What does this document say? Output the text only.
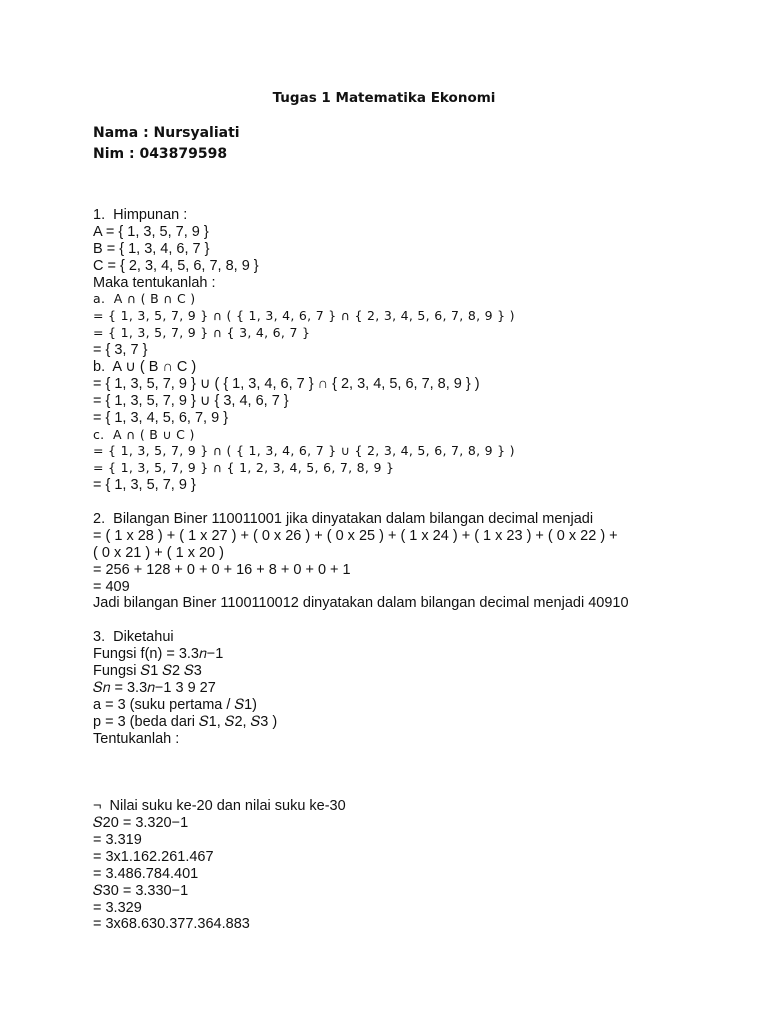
Tugas 1 Matematika Ekonomi
Nama : Nursyaliati
Nim : 043879598
1.  Himpunan :
A = { 1, 3, 5, 7, 9 }
B = { 1, 3, 4, 6, 7 }
C = { 2, 3, 4, 5, 6, 7, 8, 9 }
Maka tentukanlah :
a.  A ∩ ( B ∩ C )
= { 1, 3, 5, 7, 9 } ∩ ( { 1, 3, 4, 6, 7 } ∩ { 2, 3, 4, 5, 6, 7, 8, 9 } )
= { 1, 3, 5, 7, 9 } ∩ { 3, 4, 6, 7 }
= { 3, 7 }
b.  A ∪ ( B ∩ C )
= { 1, 3, 5, 7, 9 } ∪ ( { 1, 3, 4, 6, 7 } ∩ { 2, 3, 4, 5, 6, 7, 8, 9 } )
= { 1, 3, 5, 7, 9 } ∪ { 3, 4, 6, 7 }
= { 1, 3, 4, 5, 6, 7, 9 }
c.  A ∩ ( B ∪ C )
= { 1, 3, 5, 7, 9 } ∩ ( { 1, 3, 4, 6, 7 } ∪ { 2, 3, 4, 5, 6, 7, 8, 9 } )
= { 1, 3, 5, 7, 9 } ∩ { 1, 2, 3, 4, 5, 6, 7, 8, 9 }
= { 1, 3, 5, 7, 9 }
2.  Bilangan Biner 110011001 jika dinyatakan dalam bilangan decimal menjadi
= ( 1 x 28 ) + ( 1 x 27 ) + ( 0 x 26 ) + ( 0 x 25 ) + ( 1 x 24 ) + ( 1 x 23 ) + ( 0 x 22 ) +
( 0 x 21 ) + ( 1 x 20 )
= 256 + 128 + 0 + 0 + 16 + 8 + 0 + 0 + 1
= 409
Jadi bilangan Biner 1100110012 dinyatakan dalam bilangan decimal menjadi 40910
3.  Diketahui
Fungsi f(n) = 3.3𝑛−1
Fungsi 𝑆1 𝑆2 𝑆3
𝑆𝑛 = 3.3𝑛−1 3 9 27
a = 3 (suku pertama / 𝑆1)
p = 3 (beda dari 𝑆1, 𝑆2, 𝑆3 )
Tentukanlah :
¬  Nilai suku ke-20 dan nilai suku ke-30
𝑆20 = 3.320−1
= 3.319
= 3x1.162.261.467
= 3.486.784.401
𝑆30 = 3.330−1
= 3.329
= 3x68.630.377.364.883
